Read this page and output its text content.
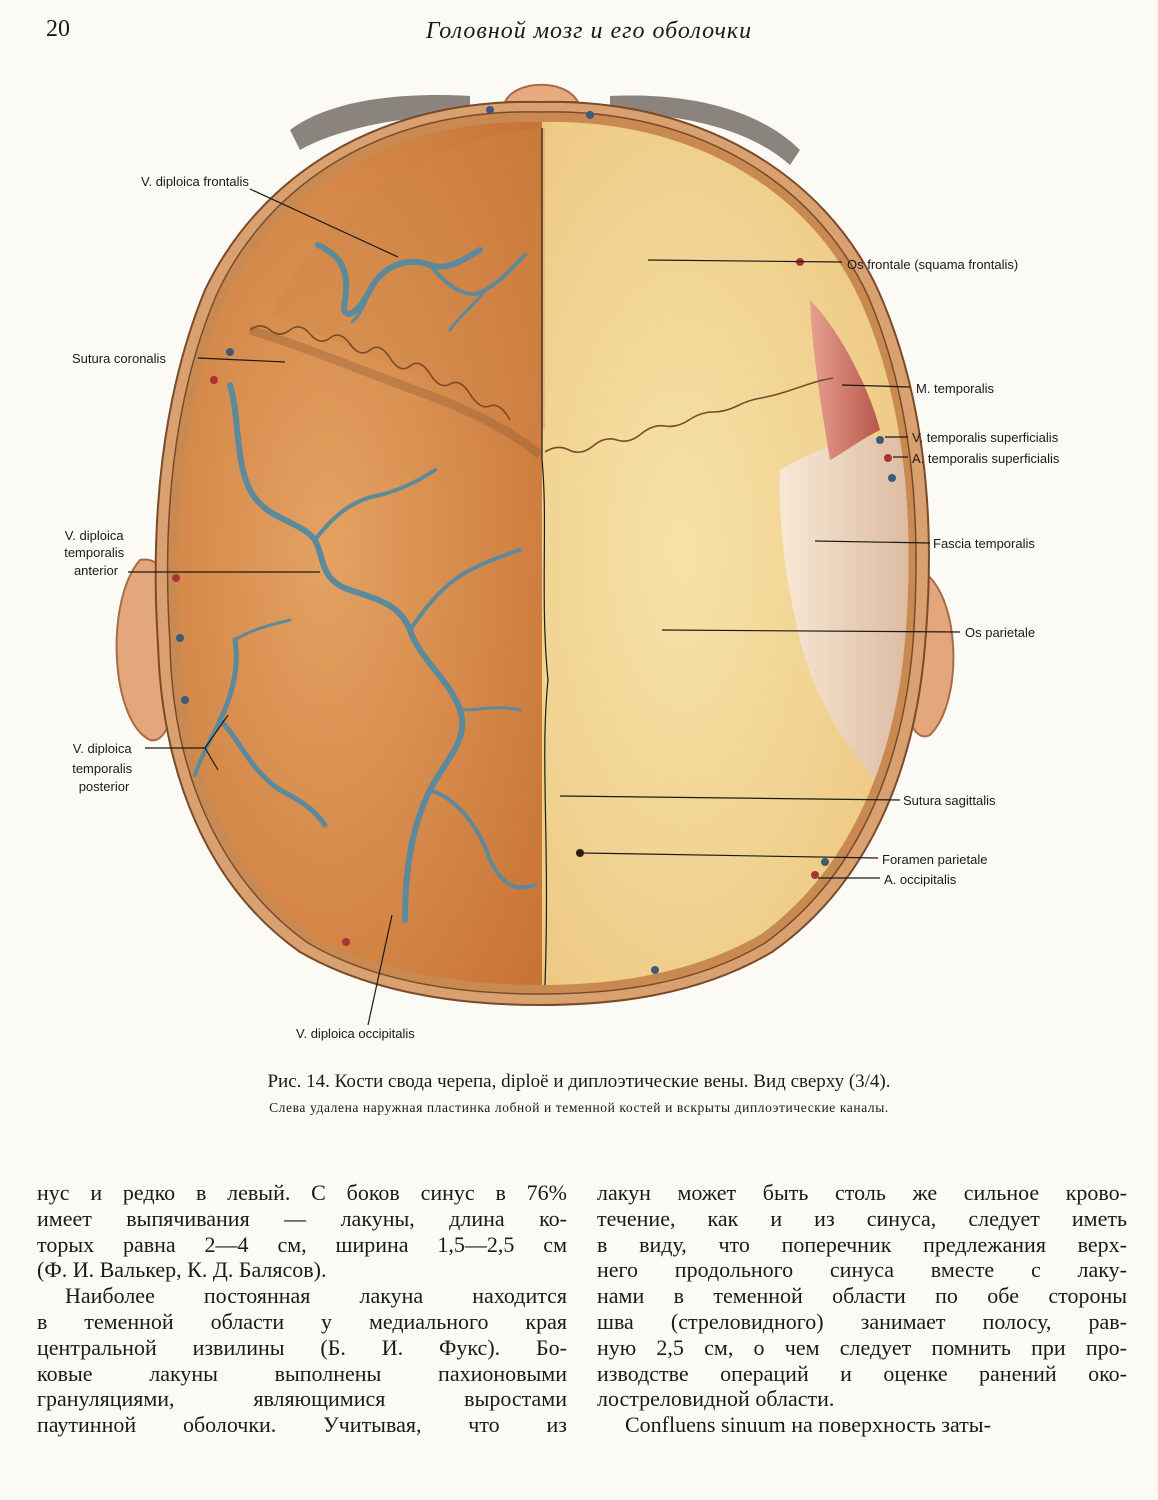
20	Головной мозг и его оболочки
V. diploica frontalis
Sutura coronalis
V. diploica temporalis anterior
V. diploica temporalis posterior
V. diploica occipitalis
Os frontale (squama frontalis)
M. temporalis
V. temporalis superficialis
A. temporalis superficialis
Fascia temporalis
Os parietale
Sutura sagittalis
Foramen parietale
A. occipitalis
Рис. 14. Кости свода черепа, diploё и диплоэтические вены. Вид сверху (3/4).
Слева удалена наружная пластинка лобной и теменной костей и вскрыты диплоэтические каналы.

нус и редко в левый. С боков синус в 76%
имеет выпячивания — лакуны, длина ко-
торых равна 2—4 см, ширина 1,5—2,5 см
(Ф. И. Валькер, К. Д. Балясов).

Наиболее постоянная лакуна находится
в теменной области у медиального края
центральной извилины (Б. И. Фукс). Бо-
ковые лакуны выполнены пахионовыми
грануляциями, являющимися выростами
паутинной оболочки. Учитывая, что из

лакун может быть столь же сильное крово-
течение, как и из синуса, следует иметь
в виду, что поперечник предлежания верх-
него продольного синуса вместе с лаку-
нами в теменной области по обе стороны
шва (стреловидного) занимает полосу, рав-
ную 2,5 см, о чем следует помнить при про-
изводстве операций и оценке ранений око-
лостреловидной области.

Confluens sinuum на поверхность заты-
